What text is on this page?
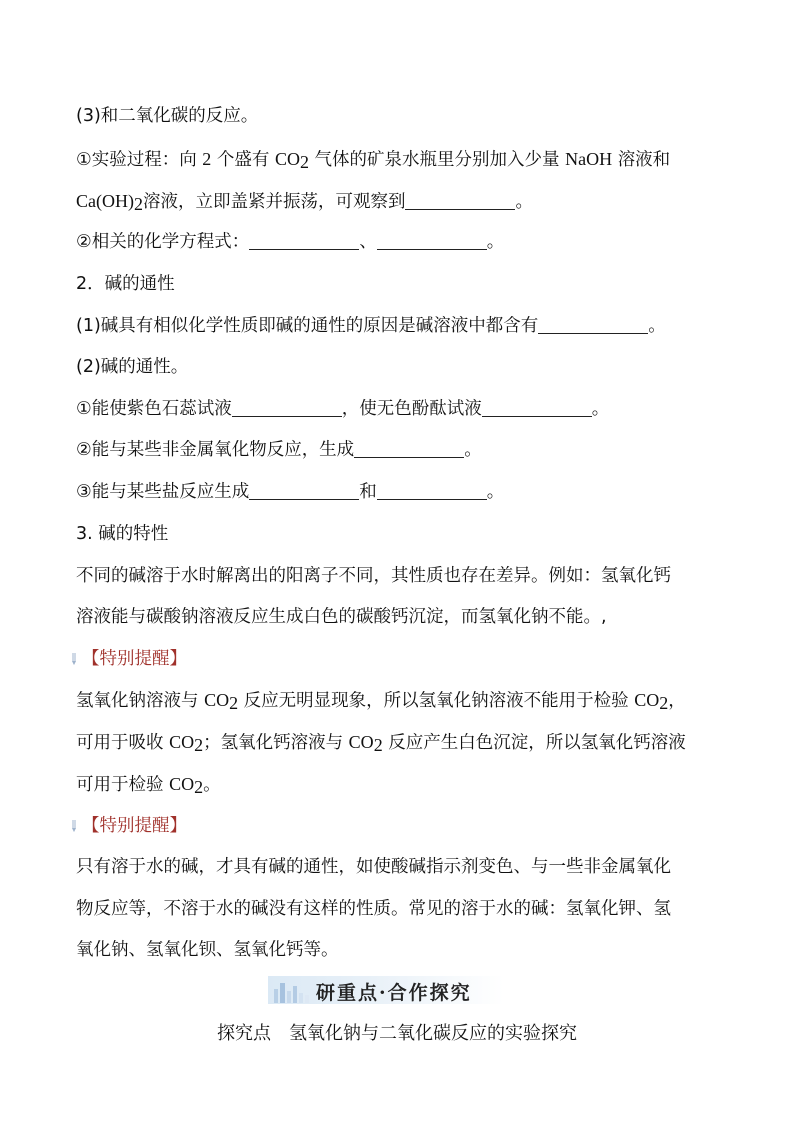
(3)和二氧化碳的反应。
①实验过程：向 2 个盛有 $CO_2$ 气体的矿泉水瓶里分别加入少量 NaOH 溶液和
$Ca(OH)_2$溶液，立即盖紧并振荡，可观察到	。
②相关的化学方程式：	、	。
2．碱的通性
(1)碱具有相似化学性质即碱的通性的原因是碱溶液中都含有	。
(2)碱的通性。
①能使紫色石蕊试液	，使无色酚酞试液	。
②能与某些非金属氧化物反应，生成	。
③能与某些盐反应生成	和	。
3. 碱的特性
不同的碱溶于水时解离出的阳离子不同，其性质也存在差异。例如：氢氧化钙
溶液能与碳酸钠溶液反应生成白色的碳酸钙沉淀，而氢氧化钠不能。,
【特别提醒】
氢氧化钠溶液与 $CO_2$ 反应无明显现象，所以氢氧化钠溶液不能用于检验 $CO_2$，
可用于吸收 $CO_2$；氢氧化钙溶液与 $CO_2$ 反应产生白色沉淀，所以氢氧化钙溶液
可用于检验 $CO_2$。
【特别提醒】
只有溶于水的碱，才具有碱的通性，如使酸碱指示剂变色、与一些非金属氧化
物反应等，不溶于水的碱没有这样的性质。常见的溶于水的碱：氢氧化钾、氢
氧化钠、氢氧化钡、氢氧化钙等。
研重点·合作探究
探究点　氢氧化钠与二氧化碳反应的实验探究
